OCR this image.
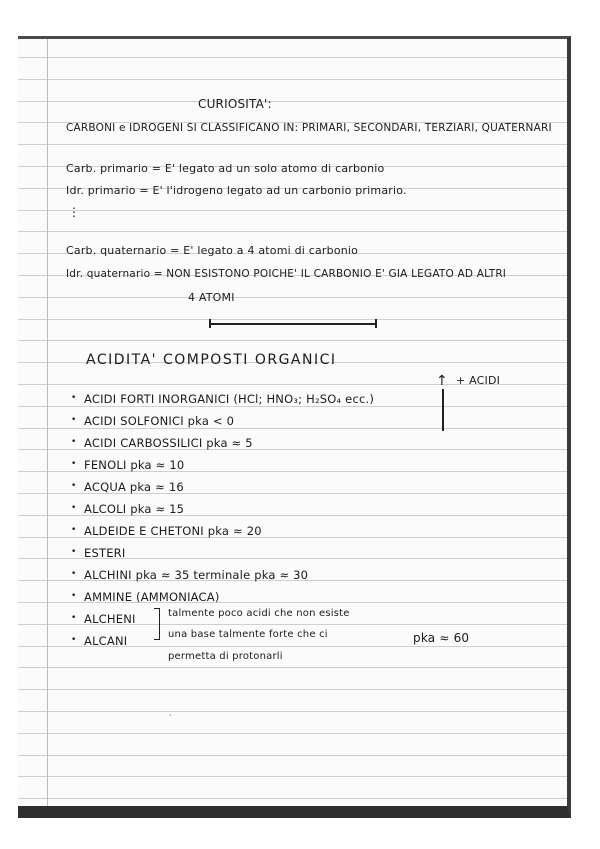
CURIOSITA':
CARBONI e IDROGENI SI CLASSIFICANO IN: PRIMARI, SECONDARI, TERZIARI, QUATERNARI
Carb. primario = E' legato ad un solo atomo di carbonio
Idr. primario = E' l'idrogeno legato ad un carbonio primario.
⋮
Carb. quaternario = E' legato a 4 atomi di carbonio
Idr. quaternario = NON ESISTONO POICHE' IL CARBONIO E' GIA LEGATO AD ALTRI
4 ATOMI
ACIDITA' COMPOSTI ORGANICI
↑ + ACIDI
• ACIDI FORTI INORGANICI (HCl; HNO₃; H₂SO₄ ecc.)
• ACIDI SOLFONICI pka < 0
• ACIDI CARBOSSILICI pka ≈ 5
• FENOLI pka ≈ 10
• ACQUA pka ≈ 16
• ALCOLI pka ≈ 15
• ALDEIDE E CHETONI pka ≈ 20
• ESTERI
• ALCHINI pka ≈ 35 terminale pka ≈ 30
• AMMINE (AMMONIACA)
• ALCHENI
• ALCANI
talmente poco acidi che non esiste
una base talmente forte che ci
permetta di protonarli
pka ≈ 60
·
